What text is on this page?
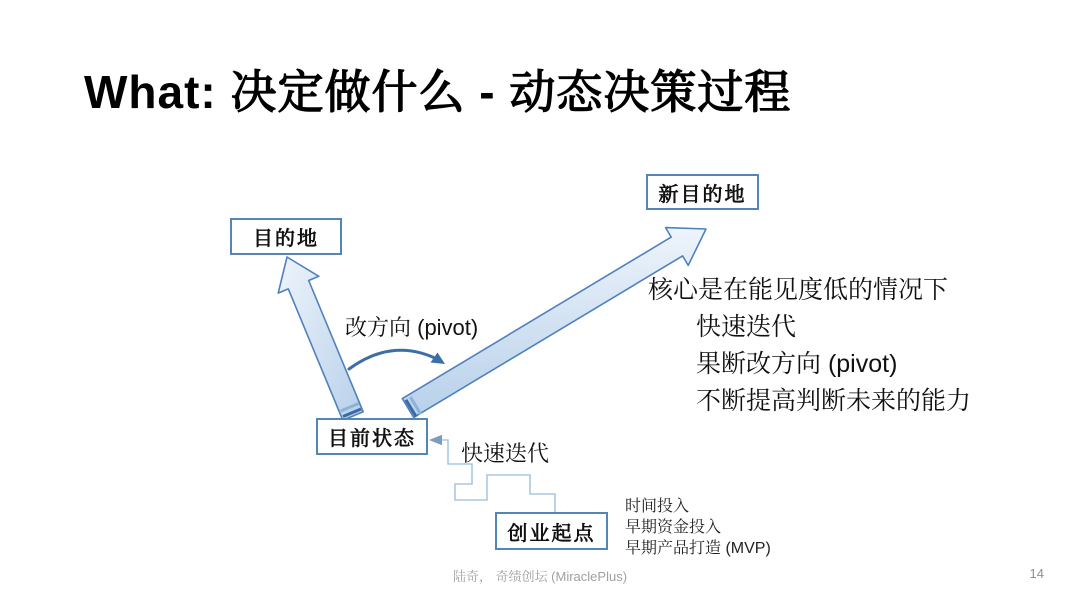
What: 决定做什么 - 动态决策过程
目的地
新目的地
目前状态
创业起点
改方向 (pivot)
快速迭代
核心是在能见度低的情况下
快速迭代
果断改方向 (pivot)
不断提高判断未来的能力
时间投入
早期资金投入
早期产品打造 (MVP)
陆奇， 奇绩创坛 (MiraclePlus)	14
